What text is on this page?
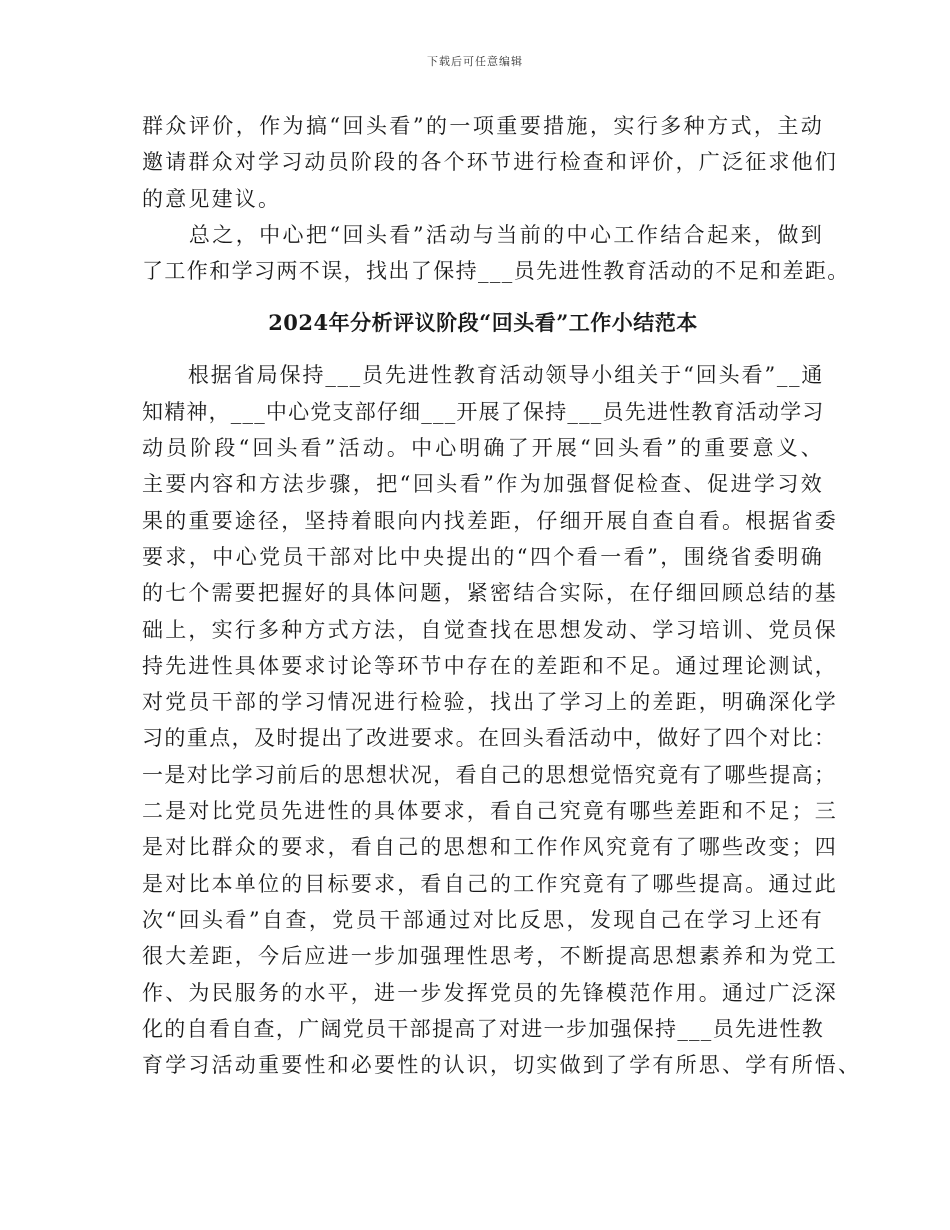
下载后可任意编辑
群众评价，作为搞“回头看”的一项重要措施，实行多种方式，主动
邀请群众对学习动员阶段的各个环节进行检查和评价，广泛征求他们
的意见建议。
　　总之，中心把“回头看”活动与当前的中心工作结合起来，做到
了工作和学习两不误，找出了保持___员先进性教育活动的不足和差距。
2024年分析评议阶段“回头看”工作小结范本
　　根据省局保持___员先进性教育活动领导小组关于“回头看”__通
知精神，___中心党支部仔细___开展了保持___员先进性教育活动学习
动员阶段“回头看”活动。中心明确了开展“回头看”的重要意义、
主要内容和方法步骤，把“回头看”作为加强督促检查、促进学习效
果的重要途径，坚持着眼向内找差距，仔细开展自查自看。根据省委
要求，中心党员干部对比中央提出的“四个看一看”，围绕省委明确
的七个需要把握好的具体问题，紧密结合实际，在仔细回顾总结的基
础上，实行多种方式方法，自觉查找在思想发动、学习培训、党员保
持先进性具体要求讨论等环节中存在的差距和不足。通过理论测试，
对党员干部的学习情况进行检验，找出了学习上的差距，明确深化学
习的重点，及时提出了改进要求。在回头看活动中，做好了四个对比：
一是对比学习前后的思想状况，看自己的思想觉悟究竟有了哪些提高；
二是对比党员先进性的具体要求，看自己究竟有哪些差距和不足；三
是对比群众的要求，看自己的思想和工作作风究竟有了哪些改变；四
是对比本单位的目标要求，看自己的工作究竟有了哪些提高。通过此
次“回头看”自查，党员干部通过对比反思，发现自己在学习上还有
很大差距，今后应进一步加强理性思考，不断提高思想素养和为党工
作、为民服务的水平，进一步发挥党员的先锋模范作用。通过广泛深
化的自看自查，广阔党员干部提高了对进一步加强保持___员先进性教
育学习活动重要性和必要性的认识，切实做到了学有所思、学有所悟、
